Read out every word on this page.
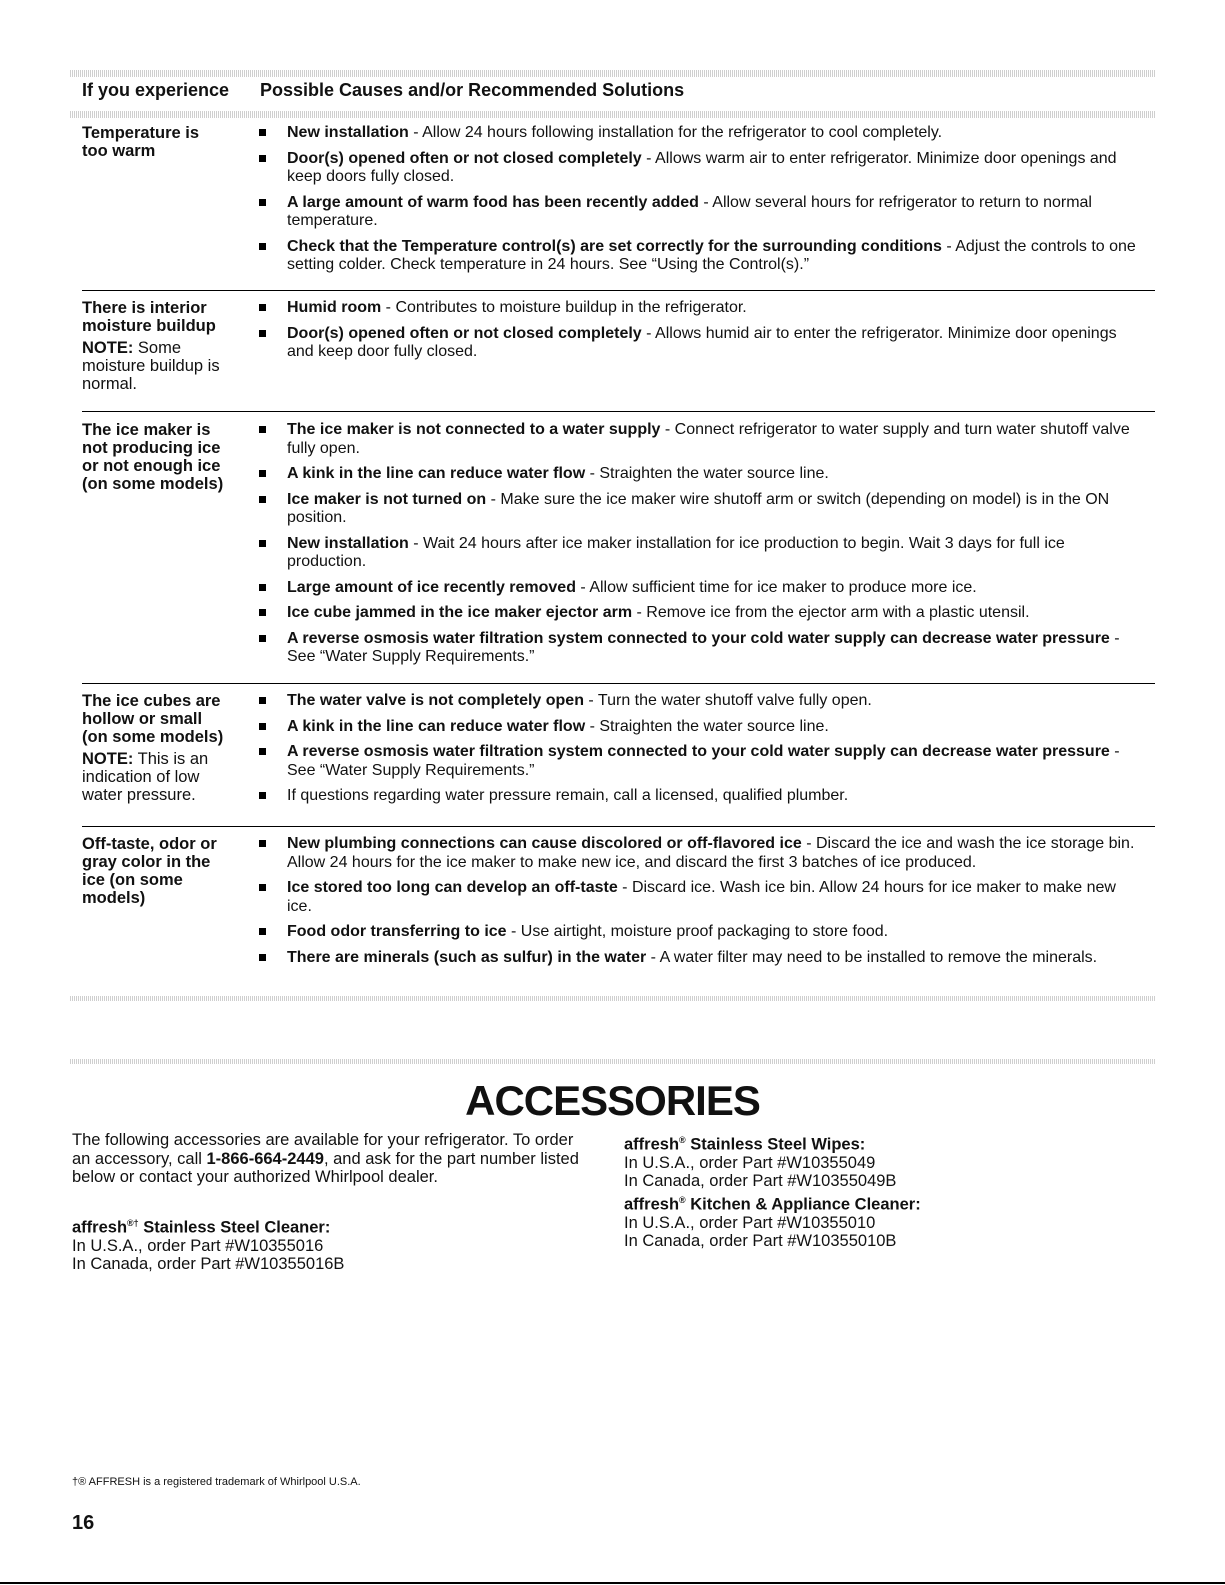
If you experience Possible Causes and/or Recommended Solutions
Temperature is
too warm
New installation - Allow 24 hours following installation for the refrigerator to cool completely.
Door(s) opened often or not closed completely - Allows warm air to enter refrigerator. Minimize door openings and keep doors fully closed.
A large amount of warm food has been recently added - Allow several hours for refrigerator to return to normal temperature.
Check that the Temperature control(s) are set correctly for the surrounding conditions - Adjust the controls to one setting colder. Check temperature in 24 hours. See “Using the Control(s).”
There is interior
moisture buildup
NOTE: Some
moisture buildup is
normal.
Humid room - Contributes to moisture buildup in the refrigerator.
Door(s) opened often or not closed completely - Allows humid air to enter the refrigerator. Minimize door openings and keep door fully closed.
The ice maker is
not producing ice
or not enough ice
(on some models)
The ice maker is not connected to a water supply - Connect refrigerator to water supply and turn water shutoff valve fully open.
A kink in the line can reduce water flow - Straighten the water source line.
Ice maker is not turned on - Make sure the ice maker wire shutoff arm or switch (depending on model) is in the ON position.
New installation - Wait 24 hours after ice maker installation for ice production to begin. Wait 3 days for full ice production.
Large amount of ice recently removed - Allow sufficient time for ice maker to produce more ice.
Ice cube jammed in the ice maker ejector arm - Remove ice from the ejector arm with a plastic utensil.
A reverse osmosis water filtration system connected to your cold water supply can decrease water pressure - See “Water Supply Requirements.”
The ice cubes are
hollow or small
(on some models)
NOTE: This is an
indication of low
water pressure.
The water valve is not completely open - Turn the water shutoff valve fully open.
A kink in the line can reduce water flow - Straighten the water source line.
A reverse osmosis water filtration system connected to your cold water supply can decrease water pressure - See “Water Supply Requirements.”
If questions regarding water pressure remain, call a licensed, qualified plumber.
Off-taste, odor or
gray color in the
ice (on some
models)
New plumbing connections can cause discolored or off-flavored ice - Discard the ice and wash the ice storage bin. Allow 24 hours for the ice maker to make new ice, and discard the first 3 batches of ice produced.
Ice stored too long can develop an off-taste - Discard ice. Wash ice bin. Allow 24 hours for ice maker to make new ice.
Food odor transferring to ice - Use airtight, moisture proof packaging to store food.
There are minerals (such as sulfur) in the water - A water filter may need to be installed to remove the minerals.
ACCESSORIES
The following accessories are available for your refrigerator. To order an accessory, call 1-866-664-2449, and ask for the part number listed below or contact your authorized Whirlpool dealer.
affresh®† Stainless Steel Cleaner:
In U.S.A., order Part #W10355016
In Canada, order Part #W10355016B
affresh® Stainless Steel Wipes:
In U.S.A., order Part #W10355049
In Canada, order Part #W10355049B
affresh® Kitchen & Appliance Cleaner:
In U.S.A., order Part #W10355010
In Canada, order Part #W10355010B
†® AFFRESH is a registered trademark of Whirlpool U.S.A.
16
